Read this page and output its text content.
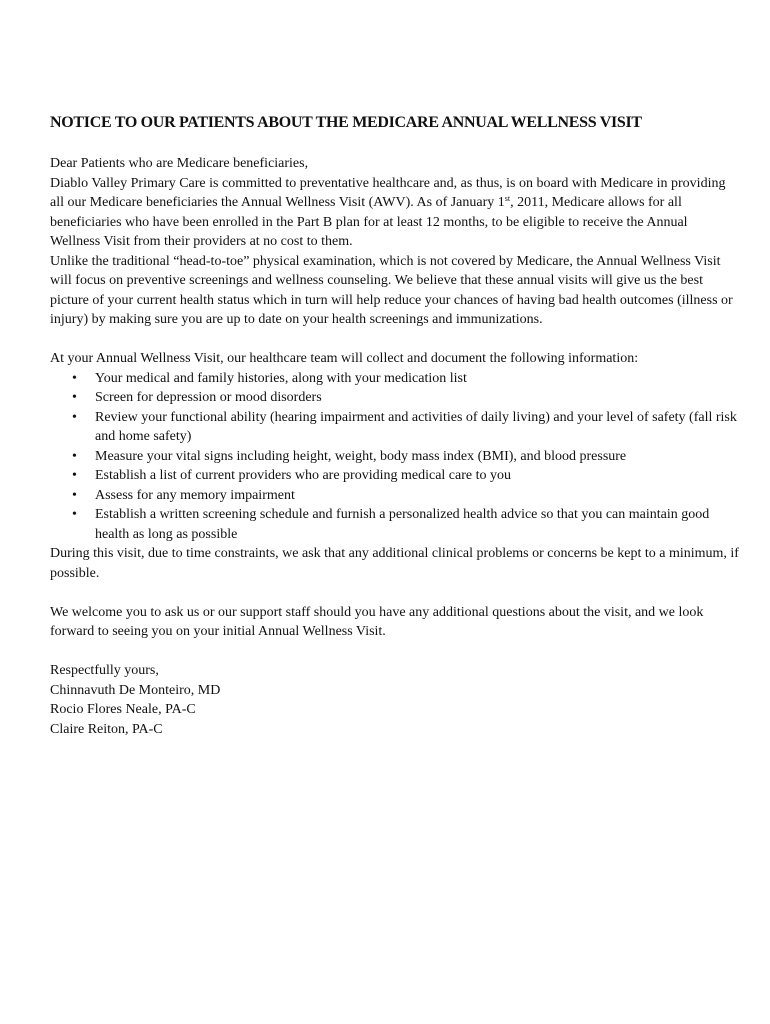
NOTICE TO OUR PATIENTS ABOUT THE MEDICARE ANNUAL WELLNESS VISIT

Dear Patients who are Medicare beneficiaries,

Diablo Valley Primary Care is committed to preventative healthcare and, as thus, is on board with Medicare in providing all our Medicare beneficiaries the Annual Wellness Visit (AWV). As of January 1st, 2011, Medicare allows for all beneficiaries who have been enrolled in the Part B plan for at least 12 months, to be eligible to receive the Annual Wellness Visit from their providers at no cost to them.

Unlike the traditional “head-to-toe” physical examination, which is not covered by Medicare, the Annual Wellness Visit will focus on preventive screenings and wellness counseling. We believe that these annual visits will give us the best picture of your current health status which in turn will help reduce your chances of having bad health outcomes (illness or injury) by making sure you are up to date on your health screenings and immunizations.

At your Annual Wellness Visit, our healthcare team will collect and document the following information:

• Your medical and family histories, along with your medication list
• Screen for depression or mood disorders
• Review your functional ability (hearing impairment and activities of daily living) and your level of safety (fall risk and home safety)
• Measure your vital signs including height, weight, body mass index (BMI), and blood pressure
• Establish a list of current providers who are providing medical care to you
• Assess for any memory impairment
• Establish a written screening schedule and furnish a personalized health advice so that you can maintain good health as long as possible

During this visit, due to time constraints, we ask that any additional clinical problems or concerns be kept to a minimum, if possible.

We welcome you to ask us or our support staff should you have any additional questions about the visit, and we look forward to seeing you on your initial Annual Wellness Visit.

Respectfully yours,

Chinnavuth De Monteiro, MD

Rocio Flores Neale, PA-C

Claire Reiton, PA-C
